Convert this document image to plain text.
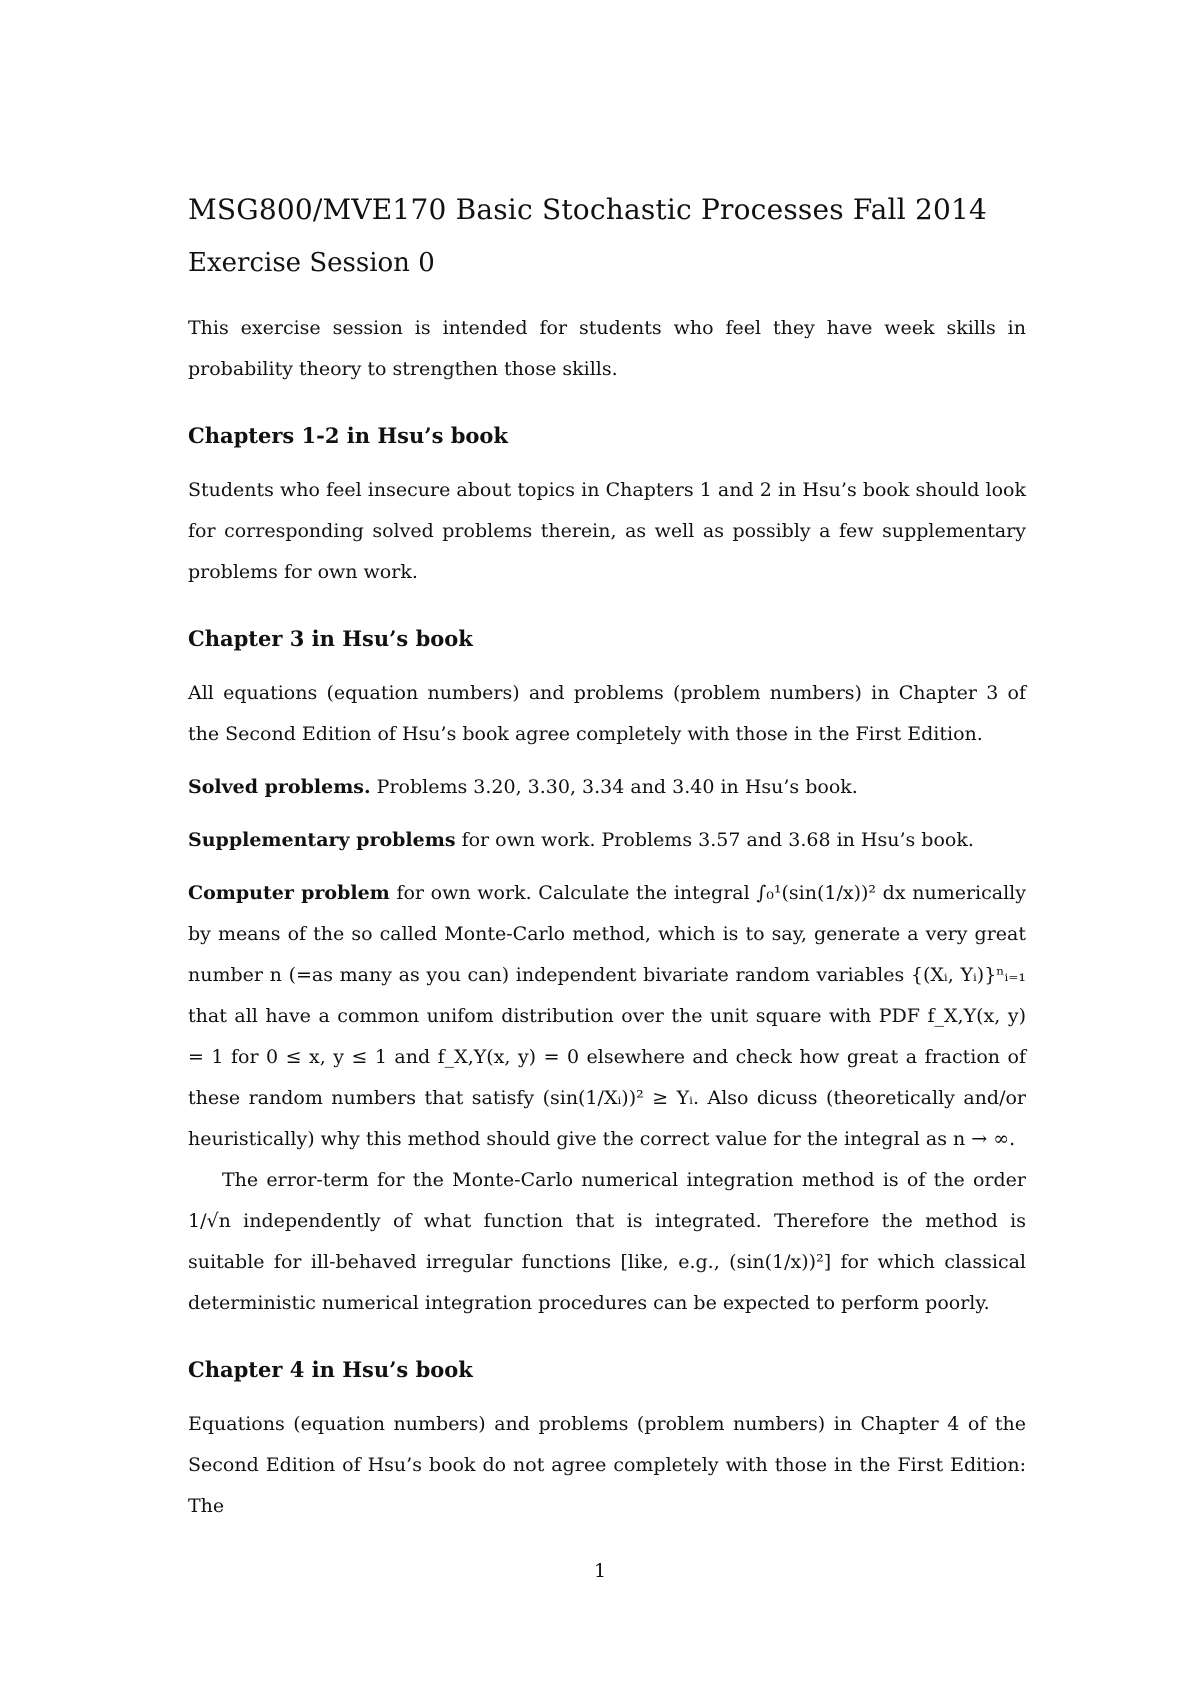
MSG800/MVE170 Basic Stochastic Processes Fall 2014
Exercise Session 0

This exercise session is intended for students who feel they have week skills in probability theory to strengthen those skills.

Chapters 1-2 in Hsu’s book

Students who feel insecure about topics in Chapters 1 and 2 in Hsu’s book should look for corresponding solved problems therein, as well as possibly a few supplementary problems for own work.

Chapter 3 in Hsu’s book

All equations (equation numbers) and problems (problem numbers) in Chapter 3 of the Second Edition of Hsu’s book agree completely with those in the First Edition.

Solved problems. Problems 3.20, 3.30, 3.34 and 3.40 in Hsu’s book.

Supplementary problems for own work. Problems 3.57 and 3.68 in Hsu’s book.

Computer problem for own work. Calculate the integral ∫₀¹(sin(1/x))² dx numerically by means of the so called Monte-Carlo method, which is to say, generate a very great number n (=as many as you can) independent bivariate random variables {(Xᵢ, Yᵢ)}ⁿᵢ₌₁ that all have a common unifom distribution over the unit square with PDF f_X,Y(x, y) = 1 for 0 ≤ x, y ≤ 1 and f_X,Y(x, y) = 0 elsewhere and check how great a fraction of these random numbers that satisfy (sin(1/Xᵢ))² ≥ Yᵢ. Also dicuss (theoretically and/or heuristically) why this method should give the correct value for the integral as n → ∞.

The error-term for the Monte-Carlo numerical integration method is of the order 1/√n independently of what function that is integrated. Therefore the method is suitable for ill-behaved irregular functions [like, e.g., (sin(1/x))²] for which classical deterministic numerical integration procedures can be expected to perform poorly.

Chapter 4 in Hsu’s book

Equations (equation numbers) and problems (problem numbers) in Chapter 4 of the Second Edition of Hsu’s book do not agree completely with those in the First Edition: The

1
